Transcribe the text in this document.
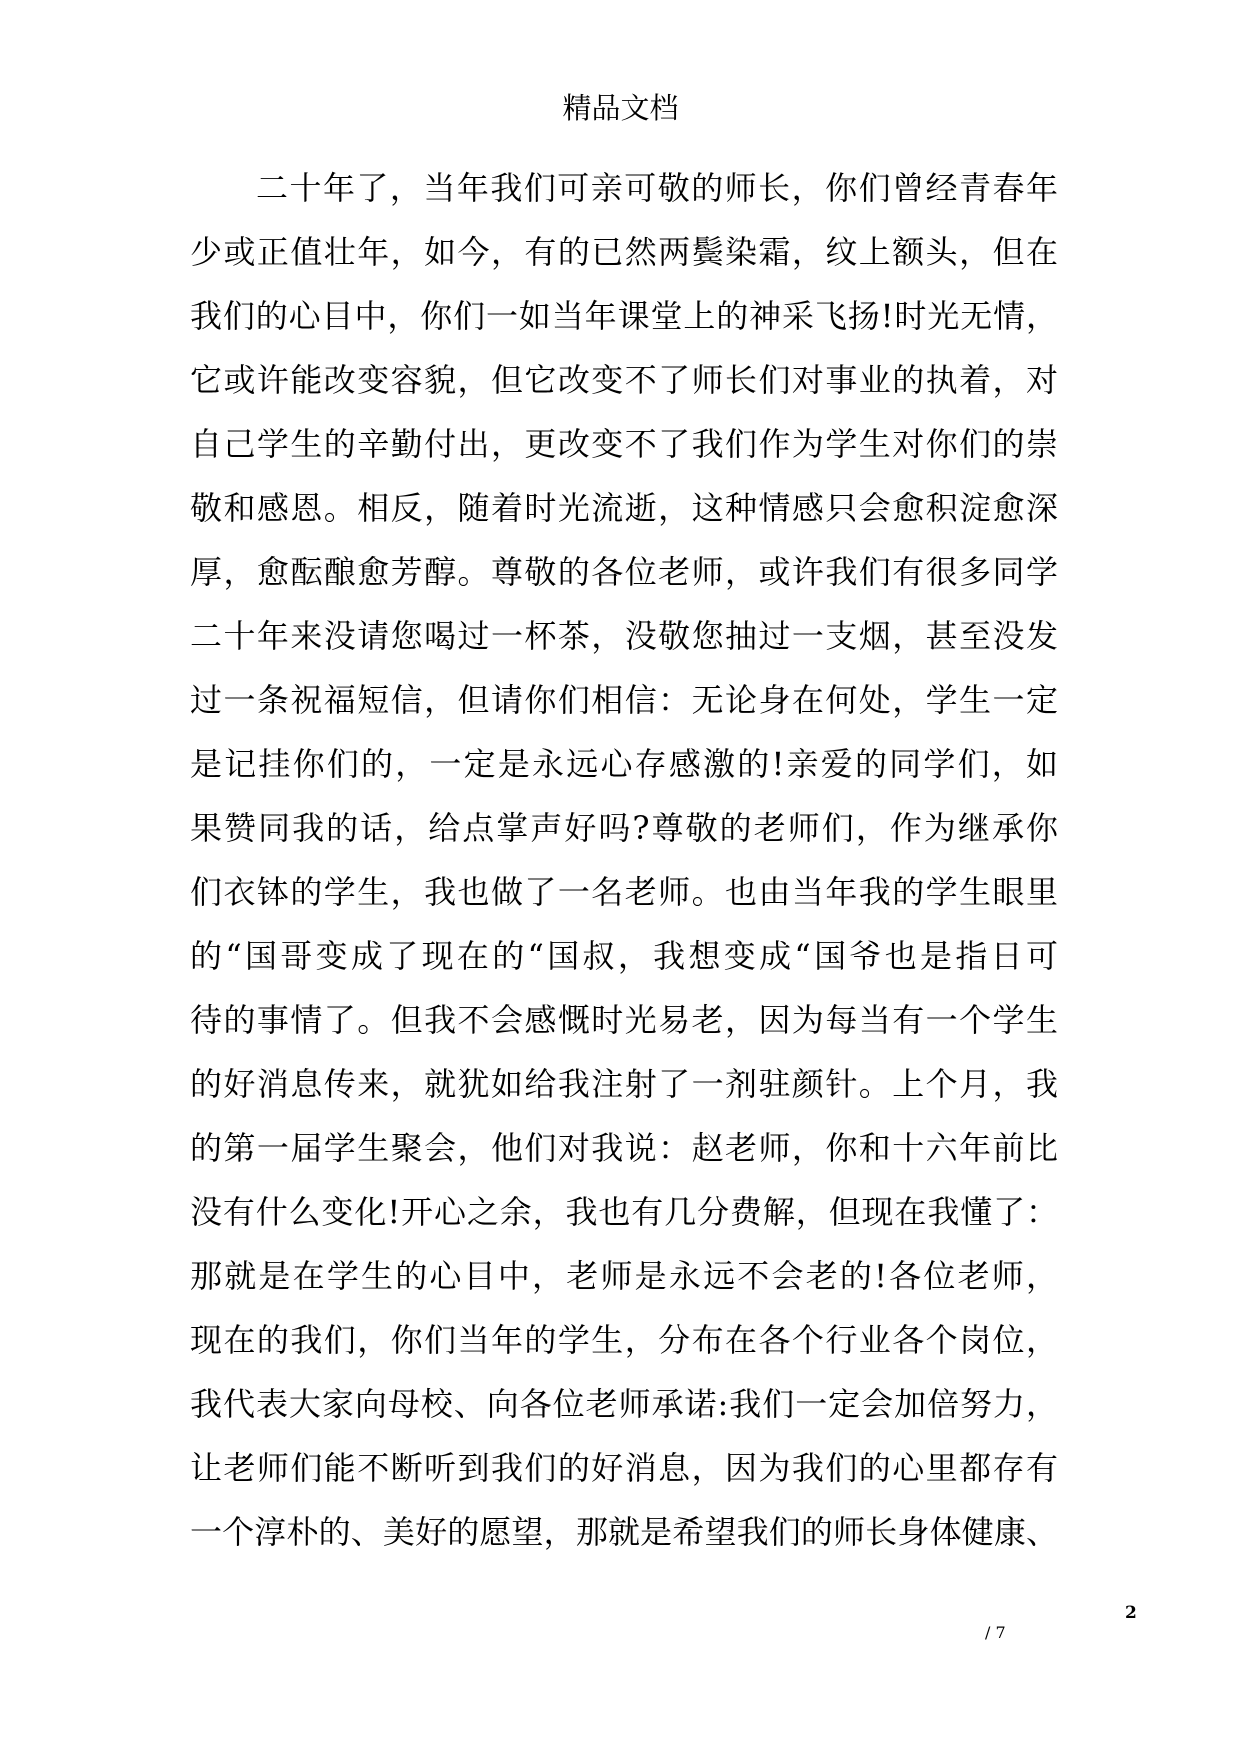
精品文档
二十年了，当年我们可亲可敬的师长，你们曾经青春年
少或正值壮年，如今，有的已然两鬓染霜，纹上额头，但在
我们的心目中，你们一如当年课堂上的神采飞扬!时光无情，
它或许能改变容貌，但它改变不了师长们对事业的执着，对
自己学生的辛勤付出，更改变不了我们作为学生对你们的崇
敬和感恩。相反，随着时光流逝，这种情感只会愈积淀愈深
厚，愈酝酿愈芳醇。尊敬的各位老师，或许我们有很多同学
二十年来没请您喝过一杯茶，没敬您抽过一支烟，甚至没发
过一条祝福短信，但请你们相信：无论身在何处，学生一定
是记挂你们的，一定是永远心存感激的!亲爱的同学们，如
果赞同我的话，给点掌声好吗?尊敬的老师们，作为继承你
们衣钵的学生，我也做了一名老师。也由当年我的学生眼里
的“国哥变成了现在的“国叔，我想变成“国爷也是指日可
待的事情了。但我不会感慨时光易老，因为每当有一个学生
的好消息传来，就犹如给我注射了一剂驻颜针。上个月，我
的第一届学生聚会，他们对我说：赵老师，你和十六年前比
没有什么变化!开心之余，我也有几分费解，但现在我懂了：
那就是在学生的心目中，老师是永远不会老的!各位老师，
现在的我们，你们当年的学生，分布在各个行业各个岗位，
我代表大家向母校、向各位老师承诺:我们一定会加倍努力，
让老师们能不断听到我们的好消息，因为我们的心里都存有
一个淳朴的、美好的愿望，那就是希望我们的师长身体健康、
2
/ 7
